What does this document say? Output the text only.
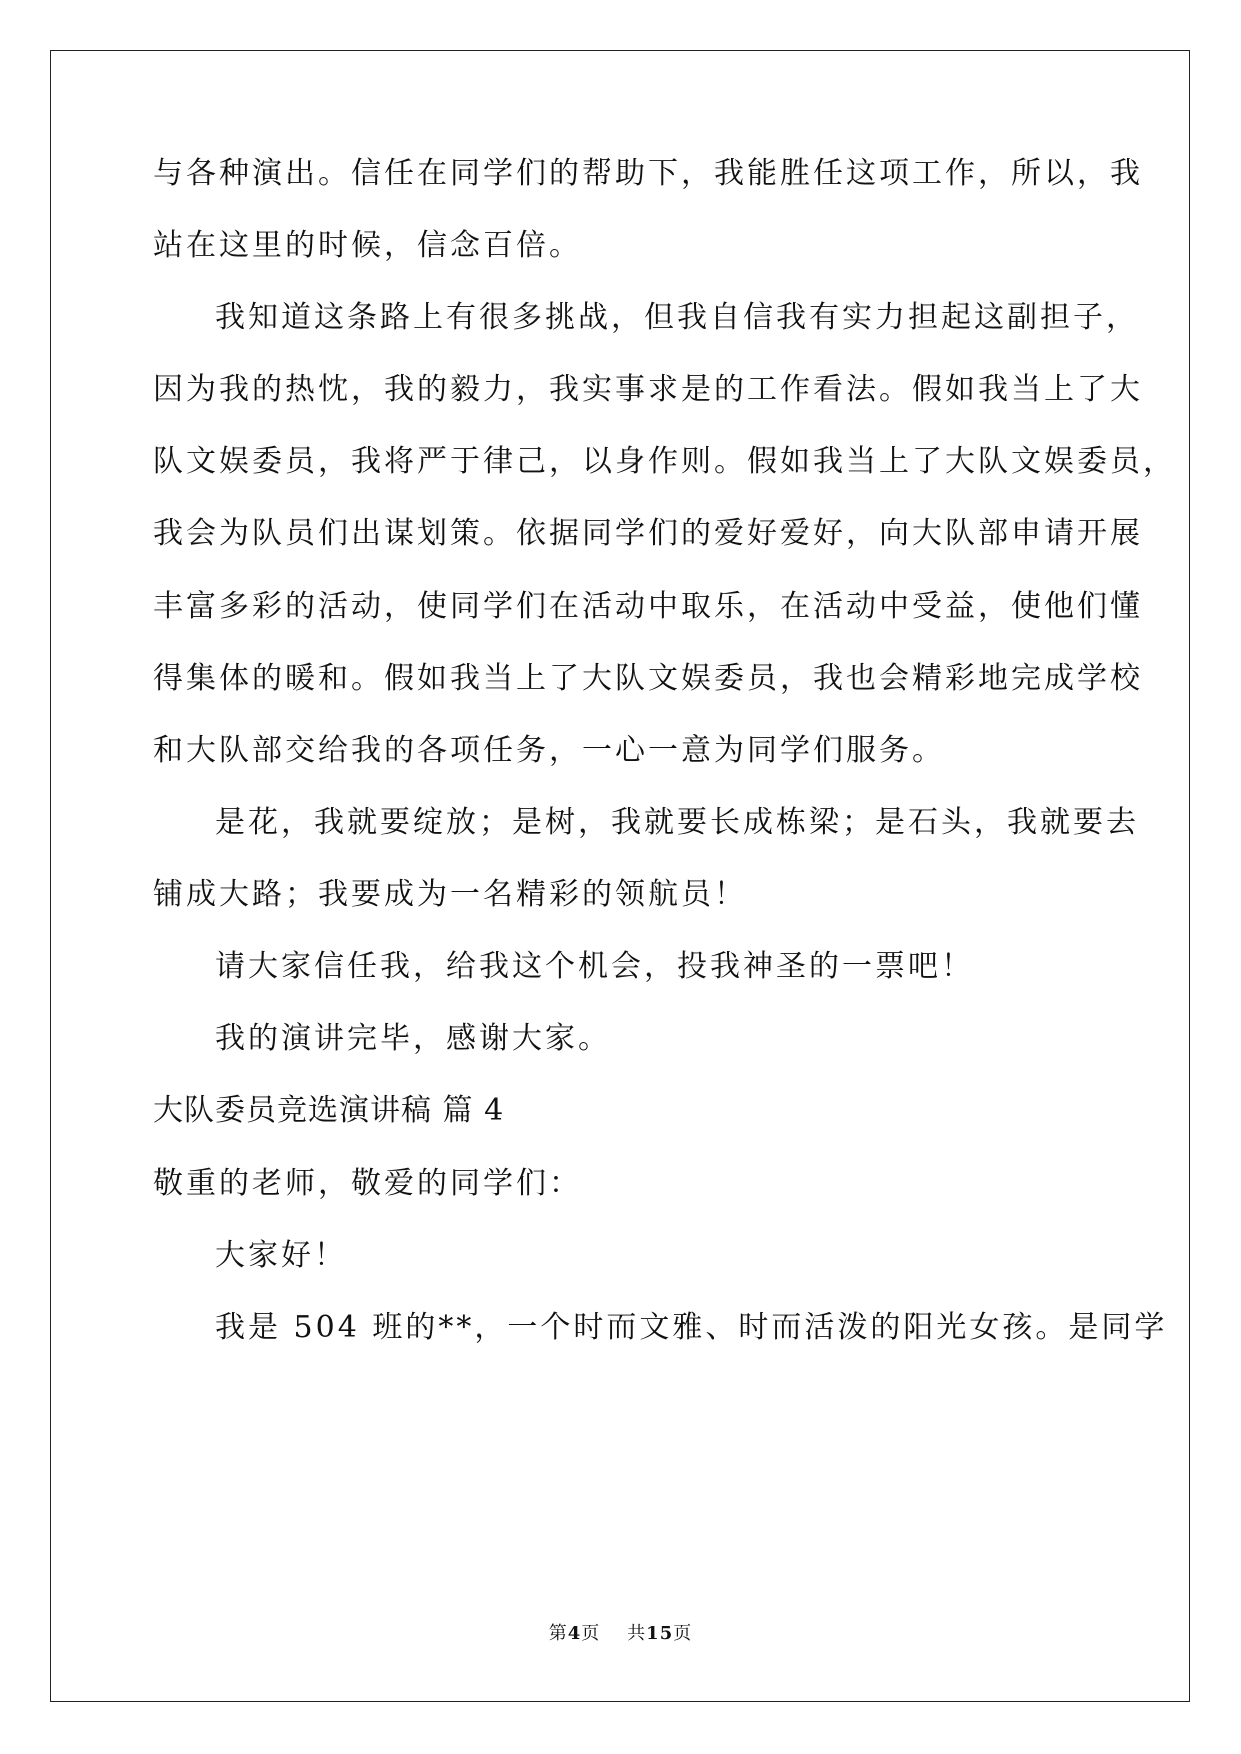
与各种演出。信任在同学们的帮助下，我能胜任这项工作，所以，我
站在这里的时候，信念百倍。
我知道这条路上有很多挑战，但我自信我有实力担起这副担子，
因为我的热忱，我的毅力，我实事求是的工作看法。假如我当上了大
队文娱委员，我将严于律己，以身作则。假如我当上了大队文娱委员，
我会为队员们出谋划策。依据同学们的爱好爱好，向大队部申请开展
丰富多彩的活动，使同学们在活动中取乐，在活动中受益，使他们懂
得集体的暖和。假如我当上了大队文娱委员，我也会精彩地完成学校
和大队部交给我的各项任务，一心一意为同学们服务。
是花，我就要绽放；是树，我就要长成栋梁；是石头，我就要去
铺成大路；我要成为一名精彩的领航员！
请大家信任我，给我这个机会，投我神圣的一票吧！
我的演讲完毕，感谢大家。
大队委员竞选演讲稿 篇 4
敬重的老师，敬爱的同学们：
大家好！
我是 504 班的**，一个时而文雅、时而活泼的阳光女孩。是同学
第4页 共15页
